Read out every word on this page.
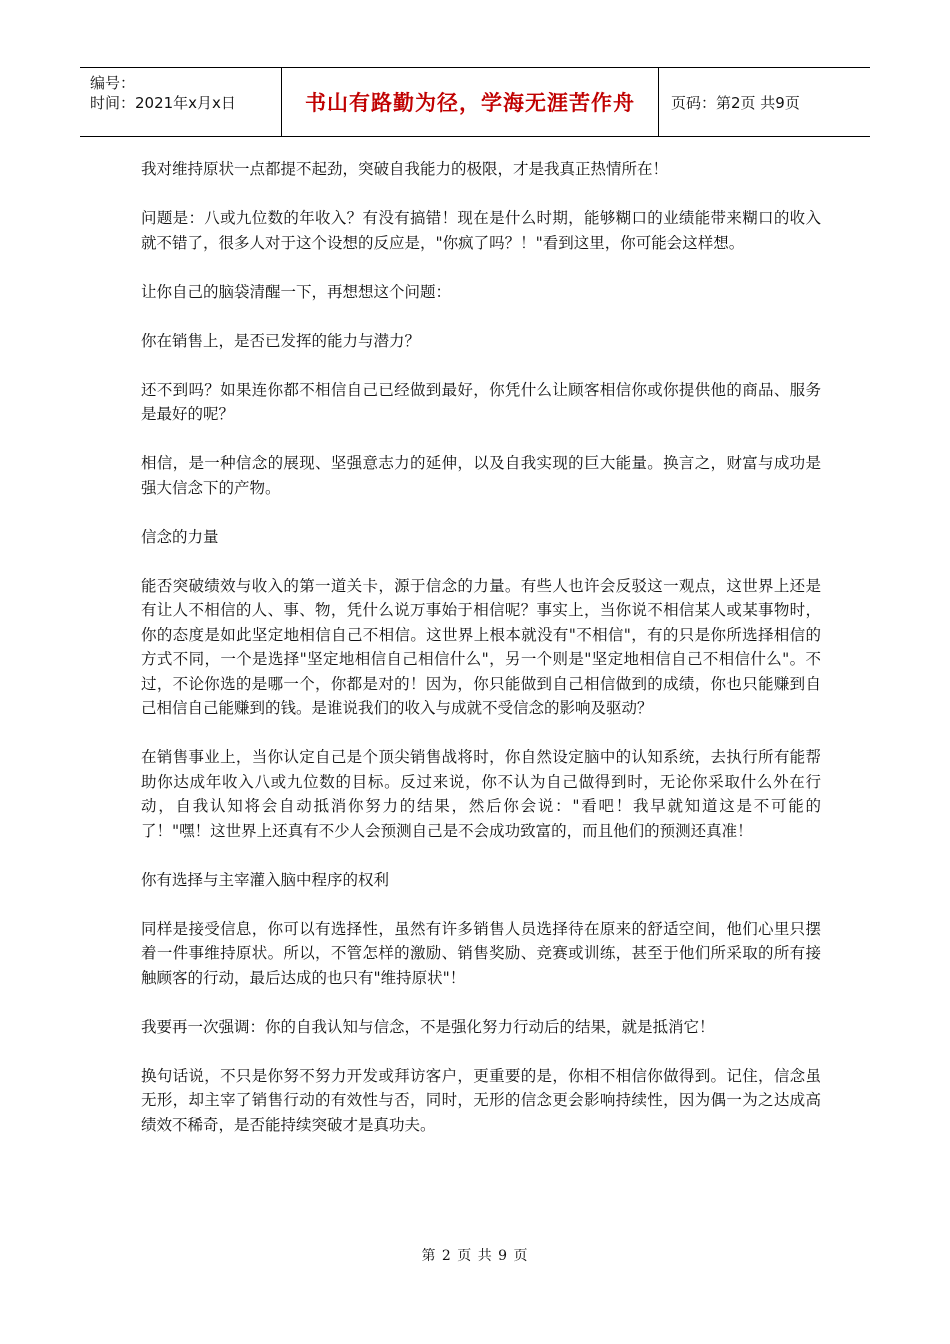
编号：
时间：2021年x月x日	书山有路勤为径，学海无涯苦作舟	页码：第2页 共9页

我对维持原状一点都提不起劲，突破自我能力的极限，才是我真正热情所在！

问题是：八或九位数的年收入？有没有搞错！现在是什么时期，能够糊口的业绩能带来糊口的收入就不错了，很多人对于这个设想的反应是，"你疯了吗？！"看到这里，你可能会这样想。

让你自己的脑袋清醒一下，再想想这个问题：

你在销售上，是否已发挥的能力与潜力？

还不到吗？如果连你都不相信自己已经做到最好，你凭什么让顾客相信你或你提供他的商品、服务是最好的呢？

相信，是一种信念的展现、坚强意志力的延伸，以及自我实现的巨大能量。换言之，财富与成功是强大信念下的产物。

信念的力量

能否突破绩效与收入的第一道关卡，源于信念的力量。有些人也许会反驳这一观点，这世界上还是有让人不相信的人、事、物，凭什么说万事始于相信呢？事实上，当你说不相信某人或某事物时，你的态度是如此坚定地相信自己不相信。这世界上根本就没有"不相信"，有的只是你所选择相信的方式不同，一个是选择"坚定地相信自己相信什么"，另一个则是"坚定地相信自己不相信什么"。不过，不论你选的是哪一个，你都是对的！因为，你只能做到自己相信做到的成绩，你也只能赚到自己相信自己能赚到的钱。是谁说我们的收入与成就不受信念的影响及驱动？

在销售事业上，当你认定自己是个顶尖销售战将时，你自然设定脑中的认知系统，去执行所有能帮助你达成年收入八或九位数的目标。反过来说，你不认为自己做得到时，无论你采取什么外在行动，自我认知将会自动抵消你努力的结果，然后你会说："看吧！我早就知道这是不可能的了！"嘿！这世界上还真有不少人会预测自己是不会成功致富的，而且他们的预测还真准！

你有选择与主宰灌入脑中程序的权利

同样是接受信息，你可以有选择性，虽然有许多销售人员选择待在原来的舒适空间，他们心里只摆着一件事维持原状。所以，不管怎样的激励、销售奖励、竞赛或训练，甚至于他们所采取的所有接触顾客的行动，最后达成的也只有"维持原状"！

我要再一次强调：你的自我认知与信念，不是强化努力行动后的结果，就是抵消它！

换句话说，不只是你努不努力开发或拜访客户，更重要的是，你相不相信你做得到。记住，信念虽无形，却主宰了销售行动的有效性与否，同时，无形的信念更会影响持续性，因为偶一为之达成高绩效不稀奇，是否能持续突破才是真功夫。

第 2 页 共 9 页
